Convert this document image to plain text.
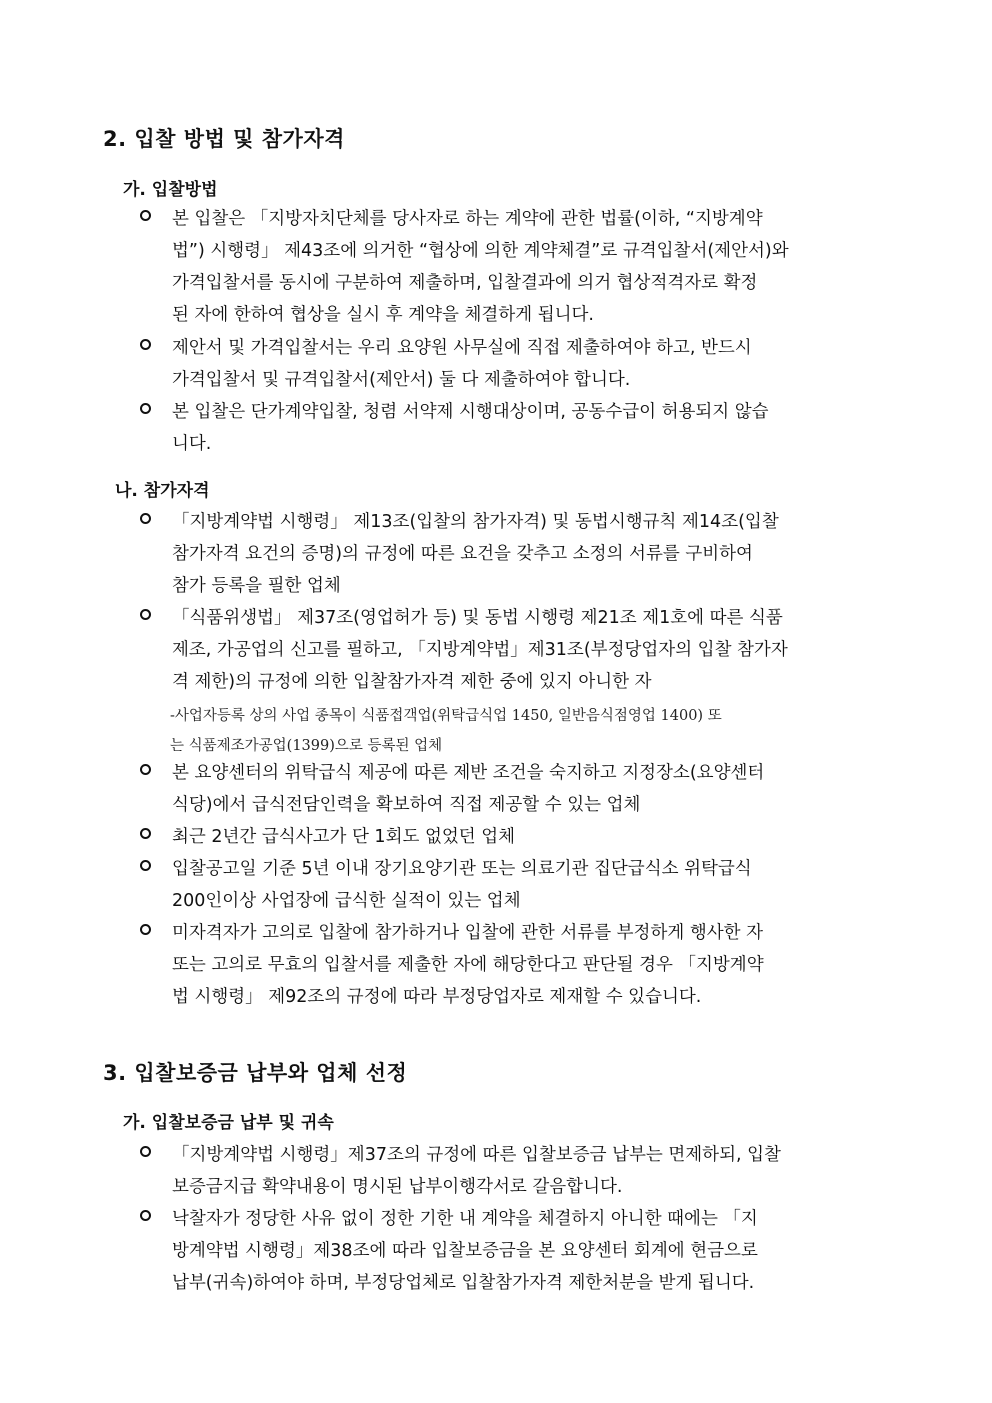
2. 입찰 방법 및 참가자격
가. 입찰방법

본 입찰은 「지방자치단체를 당사자로 하는 계약에 관한 법률(이하, “지방계약
법”) 시행령」 제43조에 의거한 “협상에 의한 계약체결”로 규격입찰서(제안서)와
가격입찰서를 동시에 구분하여 제출하며, 입찰결과에 의거 협상적격자로 확정
된 자에 한하여 협상을 실시 후 계약을 체결하게 됩니다.

제안서 및 가격입찰서는 우리 요양원 사무실에 직접 제출하여야 하고, 반드시
가격입찰서 및 규격입찰서(제안서) 둘 다 제출하여야 합니다.

본 입찰은 단가계약입찰, 청렴 서약제 시행대상이며, 공동수급이 허용되지 않습
니다.

나. 참가자격

「지방계약법 시행령」 제13조(입찰의 참가자격) 및 동법시행규칙 제14조(입찰
참가자격 요건의 증명)의 규정에 따른 요건을 갖추고 소정의 서류를 구비하여
참가 등록을 필한 업체

「식품위생법」 제37조(영업허가 등) 및 동법 시행령 제21조 제1호에 따른 식품
제조, 가공업의 신고를 필하고, 「지방계약법」제31조(부정당업자의 입찰 참가자
격 제한)의 규정에 의한 입찰참가자격 제한 중에 있지 아니한 자

-사업자등록 상의 사업 종목이 식품접객업(위탁급식업 1450, 일반음식점영업 1400) 또
는 식품제조가공업(1399)으로 등록된 업체

본 요양센터의 위탁급식 제공에 따른 제반 조건을 숙지하고 지정장소(요양센터
식당)에서 급식전담인력을 확보하여 직접 제공할 수 있는 업체

최근 2년간 급식사고가 단 1회도 없었던 업체

입찰공고일 기준 5년 이내 장기요양기관 또는 의료기관 집단급식소 위탁급식
200인이상 사업장에 급식한 실적이 있는 업체

미자격자가 고의로 입찰에 참가하거나 입찰에 관한 서류를 부정하게 행사한 자
또는 고의로 무효의 입찰서를 제출한 자에 해당한다고 판단될 경우 「지방계약
법 시행령」 제92조의 규정에 따라 부정당업자로 제재할 수 있습니다.

3. 입찰보증금 납부와 업체 선정
가. 입찰보증금 납부 및 귀속

「지방계약법 시행령」제37조의 규정에 따른 입찰보증금 납부는 면제하되, 입찰
보증금지급 확약내용이 명시된 납부이행각서로 갈음합니다.

낙찰자가 정당한 사유 없이 정한 기한 내 계약을 체결하지 아니한 때에는 「지
방계약법 시행령」제38조에 따라 입찰보증금을 본 요양센터 회계에 현금으로
납부(귀속)하여야 하며, 부정당업체로 입찰참가자격 제한처분을 받게 됩니다.
